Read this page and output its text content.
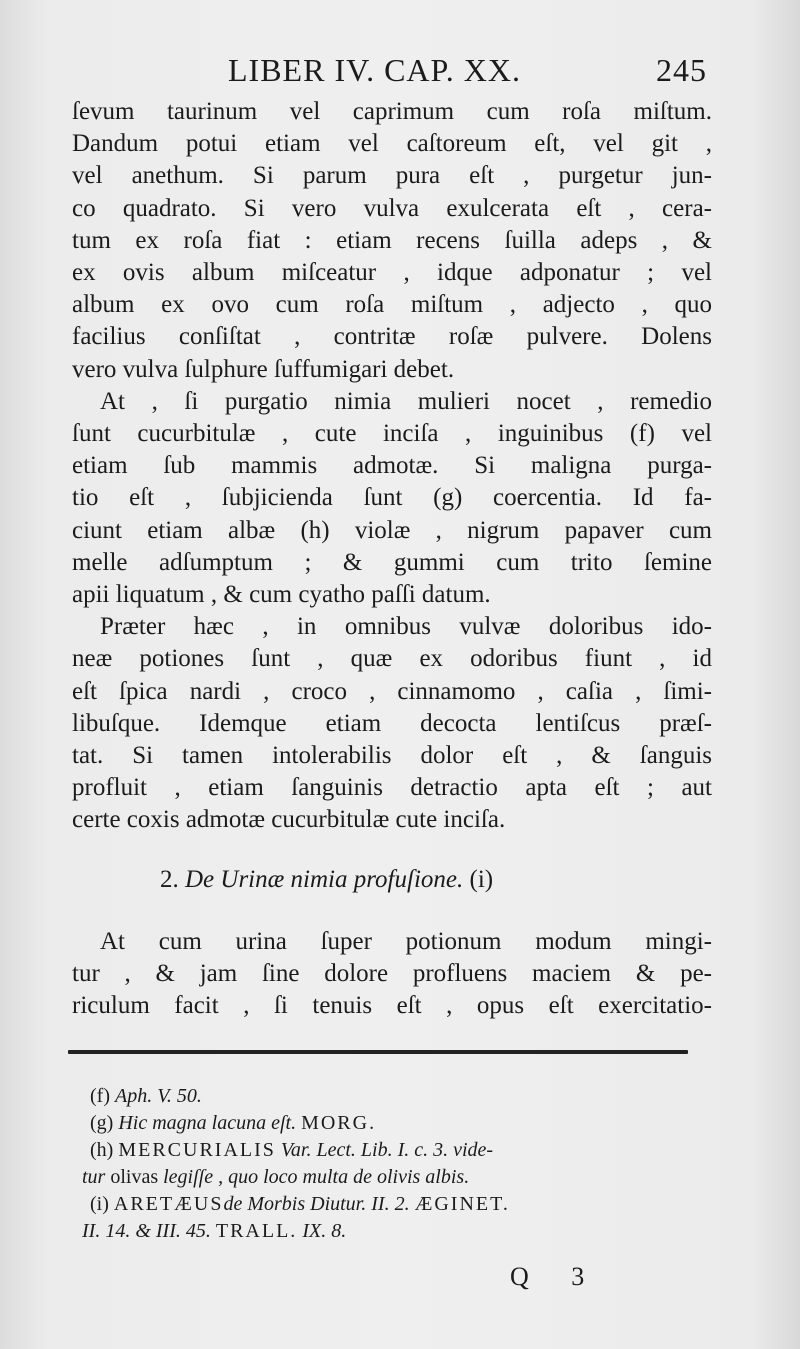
LIBER IV. CAP. XX.	245
ſevum taurinum vel caprimum cum roſa miſtum.
Dandum potui etiam vel caſtoreum eſt, vel git ,
vel anethum. Si parum pura eſt , purgetur jun-
co quadrato. Si vero vulva exulcerata eſt , cera-
tum ex roſa fiat : etiam recens ſuilla adeps , &
ex ovis album miſceatur , idque adponatur ; vel
album ex ovo cum roſa miſtum , adjecto , quo
facilius conſiſtat , contritæ roſæ pulvere. Dolens
vero vulva ſulphure ſuffumigari debet.
At , ſi purgatio nimia mulieri nocet , remedio
ſunt cucurbitulæ , cute inciſa , inguinibus (f) vel
etiam ſub mammis admotæ. Si maligna purga-
tio eſt , ſubjicienda ſunt (g) coercentia. Id fa-
ciunt etiam albæ (h) violæ , nigrum papaver cum
melle adſumptum ; & gummi cum trito ſemine
apii liquatum , & cum cyatho paſſi datum.
Præter hæc , in omnibus vulvæ doloribus ido-
neæ potiones ſunt , quæ ex odoribus fiunt , id
eſt ſpica nardi , croco , cinnamomo , caſia , ſimi-
libuſque. Idemque etiam decocta lentiſcus præſ-
tat. Si tamen intolerabilis dolor eſt , & ſanguis
profluit , etiam ſanguinis detractio apta eſt ; aut
certe coxis admotæ cucurbitulæ cute inciſa.
2. De Urinæ nimia profuſione. (i)
At cum urina ſuper potionum modum mingi-
tur , & jam ſine dolore profluens maciem & pe-
riculum facit , ſi tenuis eſt , opus eſt exercitatio-
(f) Aph. V. 50.
(g) Hic magna lacuna eſt. MORG.
(h) MERCURIALIS Var. Lect. Lib. I. c. 3. vide-
tur olivas legiſſe , quo loco multa de olivis albis.
(i) ARETÆUSde Morbis Diutur. II. 2. ÆGINET.
II. 14. & III. 45. TRALL. IX. 8.
Q 3
